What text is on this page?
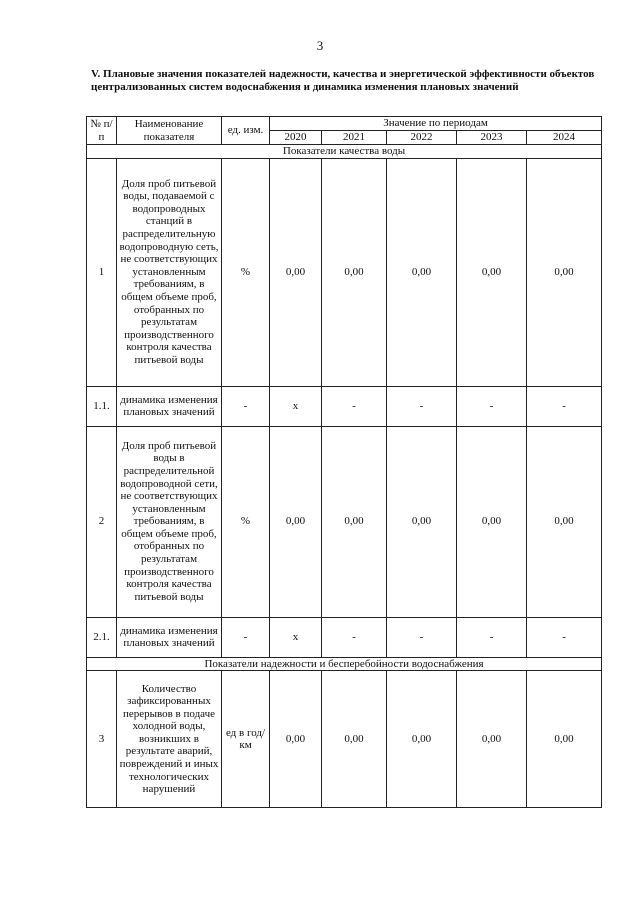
3
V. Плановые значения показателей надежности, качества и энергетической эффективности объектов централизованных систем водоснабжения и динамика изменения плановых значений
№ п/п	Наименование показателя	ед. изм.	Значение по периодам				
			2020	2021	2022	2023	2024
Показатели качества воды							
1	Доля проб питьевой воды, подаваемой с водопроводных станций в распределительную водопроводную сеть, не соответствующих установленным требованиям, в общем объеме проб, отобранных по результатам производственного контроля качества питьевой воды	%	0,00	0,00	0,00	0,00	0,00
1.1.	динамика изменения плановых значений	-	х	-	-	-	-
2	Доля проб питьевой воды в распределительной водопроводной сети, не соответствующих установленным требованиям, в общем объеме проб, отобранных по результатам производственного контроля качества питьевой воды	%	0,00	0,00	0,00	0,00	0,00
2.1.	динамика изменения плановых значений	-	х	-	-	-	-
Показатели надежности и бесперебойности водоснабжения							
3	Количество зафиксированных перерывов в подаче холодной воды, возникших в результате аварий, повреждений и иных технологических нарушений	ед в год/ км	0,00	0,00	0,00	0,00	0,00
